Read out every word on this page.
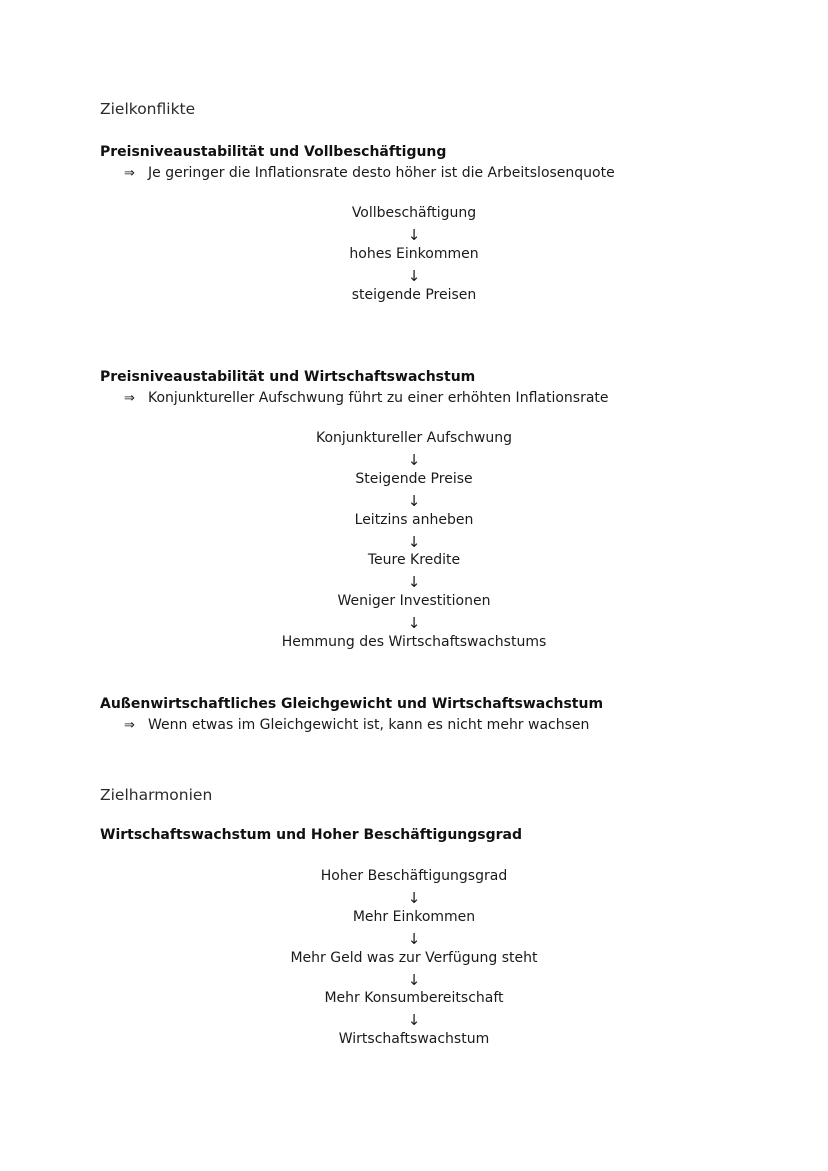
Zielkonflikte
Preisniveaustabilität und Vollbeschäftigung
⇒ Je geringer die Inflationsrate desto höher ist die Arbeitslosenquote
Vollbeschäftigung
↓
hohes Einkommen
↓
steigende Preisen
Preisniveaustabilität und Wirtschaftswachstum
⇒ Konjunktureller Aufschwung führt zu einer erhöhten Inflationsrate
Konjunktureller Aufschwung
↓
Steigende Preise
↓
Leitzins anheben
↓
Teure Kredite
↓
Weniger Investitionen
↓
Hemmung des Wirtschaftswachstums
Außenwirtschaftliches Gleichgewicht und Wirtschaftswachstum
⇒ Wenn etwas im Gleichgewicht ist, kann es nicht mehr wachsen
Zielharmonien
Wirtschaftswachstum und Hoher Beschäftigungsgrad
Hoher Beschäftigungsgrad
↓
Mehr Einkommen
↓
Mehr Geld was zur Verfügung steht
↓
Mehr Konsumbereitschaft
↓
Wirtschaftswachstum
